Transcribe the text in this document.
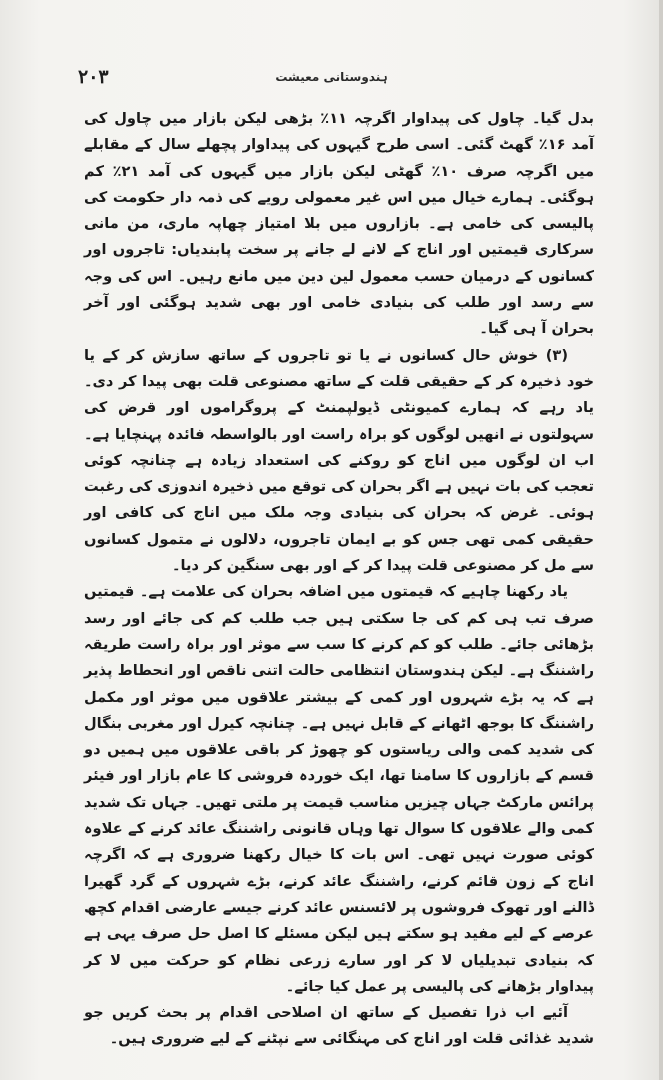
۲۰۳	ہندوستانی معیشت

بدل گیا۔ چاول کی پیداوار اگرچہ ۱۱٪ بڑھی لیکن بازار میں چاول کی آمد ۱۶٪ گھٹ گئی۔ اسی طرح گیہوں کی پیداوار پچھلے سال کے مقابلے میں اگرچہ صرف ۱۰٪ گھٹی لیکن بازار میں گیہوں کی آمد ۲۱٪ کم ہوگئی۔ ہمارے خیال میں اس غیر معمولی رویے کی ذمہ دار حکومت کی پالیسی کی خامی ہے۔ بازاروں میں بلا امتیاز چھاپہ ماری، من مانی سرکاری قیمتیں اور اناج کے لانے لے جانے پر سخت پابندیاں: تاجروں اور کسانوں کے درمیان حسب معمول لین دین میں مانع رہیں۔ اس کی وجہ سے رسد اور طلب کی بنیادی خامی اور بھی شدید ہوگئی اور آخر بحران آ ہی گیا۔

(۳) خوش حال کسانوں نے یا تو تاجروں کے ساتھ سازش کر کے یا خود ذخیرہ کر کے حقیقی قلت کے ساتھ مصنوعی قلت بھی پیدا کر دی۔ یاد رہے کہ ہمارے کمیونٹی ڈیولپمنٹ کے پروگراموں اور قرض کی سہولتوں نے انھیں لوگوں کو براہ راست اور بالواسطہ فائدہ پہنچایا ہے۔ اب ان لوگوں میں اناج کو روکنے کی استعداد زیادہ ہے چنانچہ کوئی تعجب کی بات نہیں ہے اگر بحران کی توقع میں ذخیرہ اندوزی کی رغبت ہوئی۔ غرض کہ بحران کی بنیادی وجہ ملک میں اناج کی کافی اور حقیقی کمی تھی جس کو بے ایمان تاجروں، دلالوں نے متمول کسانوں سے مل کر مصنوعی قلت پیدا کر کے اور بھی سنگین کر دیا۔

یاد رکھنا چاہیے کہ قیمتوں میں اضافہ بحران کی علامت ہے۔ قیمتیں صرف تب ہی کم کی جا سکتی ہیں جب طلب کم کی جائے اور رسد بڑھائی جائے۔ طلب کو کم کرنے کا سب سے موثر اور براہ راست طریقہ راشننگ ہے۔ لیکن ہندوستان انتظامی حالت اتنی ناقص اور انحطاط پذیر ہے کہ یہ بڑے شہروں اور کمی کے بیشتر علاقوں میں موثر اور مکمل راشننگ کا بوجھ اٹھانے کے قابل نہیں ہے۔ چنانچہ کیرل اور مغربی بنگال کی شدید کمی والی ریاستوں کو چھوڑ کر باقی علاقوں میں ہمیں دو قسم کے بازاروں کا سامنا تھا، ایک خوردہ فروشی کا عام بازار اور فیئر پرائس مارکٹ جہاں چیزیں مناسب قیمت پر ملتی تھیں۔ جہاں تک شدید کمی والے علاقوں کا سوال تھا وہاں قانونی راشننگ عائد کرنے کے علاوہ کوئی صورت نہیں تھی۔ اس بات کا خیال رکھنا ضروری ہے کہ اگرچہ اناج کے زون قائم کرنے، راشننگ عائد کرنے، بڑے شہروں کے گرد گھیرا ڈالنے اور تھوک فروشوں پر لائسنس عائد کرنے جیسے عارضی اقدام کچھ عرصے کے لیے مفید ہو سکتے ہیں لیکن مسئلے کا اصل حل صرف یہی ہے کہ بنیادی تبدیلیاں لا کر اور سارے زرعی نظام کو حرکت میں لا کر پیداوار بڑھانے کی پالیسی پر عمل کیا جائے۔

آئیے اب ذرا تفصیل کے ساتھ ان اصلاحی اقدام پر بحث کریں جو شدید غذائی قلت اور اناج کی مہنگائی سے نپٹنے کے لیے ضروری ہیں۔
